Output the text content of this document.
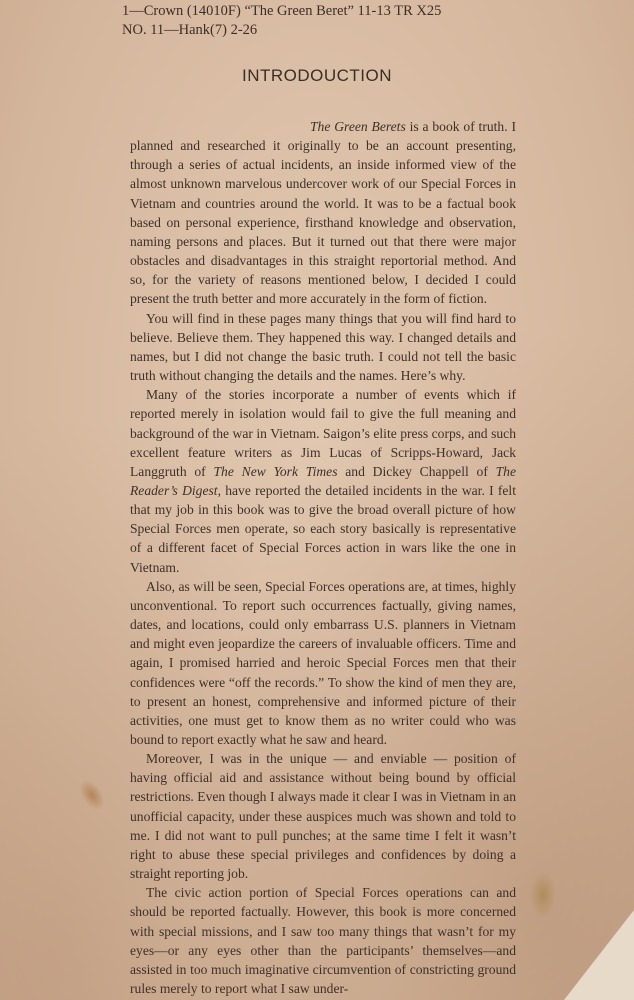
1—Crown (14010F) “The Green Beret” 11-13 TR X25
NO. 11—Hank(7) 2-26
INTRODOUCTION

The Green Berets is a book of truth. I planned and researched it originally to be an account presenting, through a series of actual incidents, an inside informed view of the almost unknown marvelous undercover work of our Special Forces in Vietnam and countries around the world. It was to be a factual book based on personal experience, firsthand knowledge and observation, naming persons and places. But it turned out that there were major obstacles and disadvantages in this straight reportorial method. And so, for the variety of reasons mentioned below, I decided I could present the truth better and more accurately in the form of fiction.

You will find in these pages many things that you will find hard to believe. Believe them. They happened this way. I changed details and names, but I did not change the basic truth. I could not tell the basic truth without changing the details and the names. Here’s why.

Many of the stories incorporate a number of events which if reported merely in isolation would fail to give the full meaning and background of the war in Vietnam. Saigon’s elite press corps, and such excellent feature writers as Jim Lucas of Scripps-Howard, Jack Langgruth of The New York Times and Dickey Chappell of The Reader’s Digest, have reported the detailed incidents in the war. I felt that my job in this book was to give the broad overall picture of how Special Forces men operate, so each story basically is representative of a different facet of Special Forces action in wars like the one in Vietnam.

Also, as will be seen, Special Forces operations are, at times, highly unconventional. To report such occurrences factually, giving names, dates, and locations, could only embarrass U.S. planners in Vietnam and might even jeopardize the careers of invaluable officers. Time and again, I promised harried and heroic Special Forces men that their confidences were “off the records.” To show the kind of men they are, to present an honest, comprehensive and informed picture of their activities, one must get to know them as no writer could who was bound to report exactly what he saw and heard.

Moreover, I was in the unique — and enviable — position of having official aid and assistance without being bound by official restrictions. Even though I always made it clear I was in Vietnam in an unofficial capacity, under these auspices much was shown and told to me. I did not want to pull punches; at the same time I felt it wasn’t right to abuse these special privileges and confidences by doing a straight reporting job.

The civic action portion of Special Forces operations can and should be reported factually. However, this book is more concerned with special missions, and I saw too many things that wasn’t for my eyes—or any eyes other than the participants’ themselves—and assisted in too much imaginative circumvention of constricting ground rules merely to report what I saw under-
